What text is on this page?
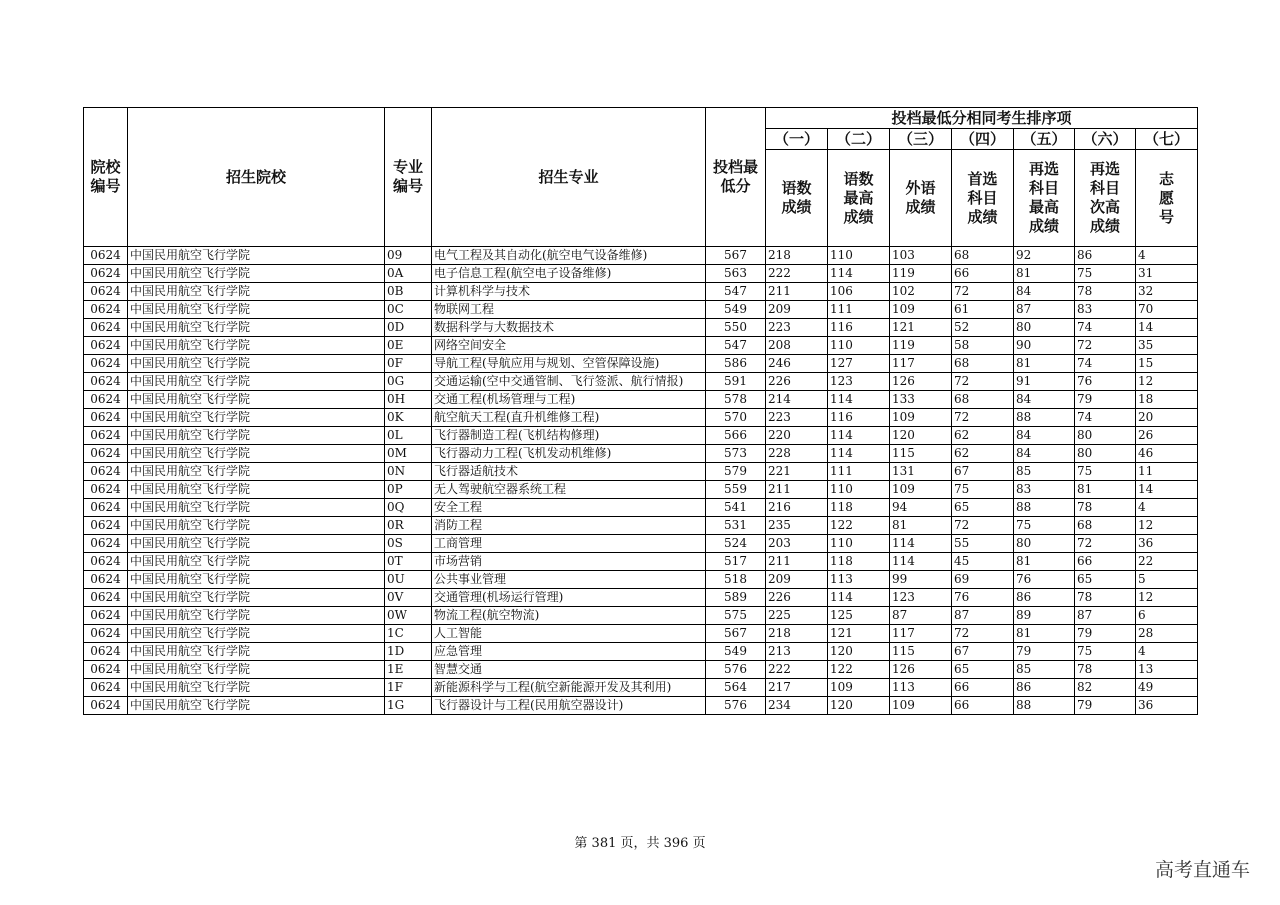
院校编号	招生院校	专业编号	招生专业	投档最低分	投档最低分相同考生排序项						
					（一）	（二）	（三）	（四）	（五）	（六）	（七）
					语数成绩	语数最高成绩	外语成绩	首选科目成绩	再选科目最高成绩	再选科目次高成绩	志愿号
0624	中国民用航空飞行学院	09	电气工程及其自动化(航空电气设备维修)	567	218	110	103	68	92	86	4
0624	中国民用航空飞行学院	0A	电子信息工程(航空电子设备维修)	563	222	114	119	66	81	75	31
0624	中国民用航空飞行学院	0B	计算机科学与技术	547	211	106	102	72	84	78	32
0624	中国民用航空飞行学院	0C	物联网工程	549	209	111	109	61	87	83	70
0624	中国民用航空飞行学院	0D	数据科学与大数据技术	550	223	116	121	52	80	74	14
0624	中国民用航空飞行学院	0E	网络空间安全	547	208	110	119	58	90	72	35
0624	中国民用航空飞行学院	0F	导航工程(导航应用与规划、空管保障设施)	586	246	127	117	68	81	74	15
0624	中国民用航空飞行学院	0G	交通运输(空中交通管制、飞行签派、航行情报)	591	226	123	126	72	91	76	12
0624	中国民用航空飞行学院	0H	交通工程(机场管理与工程)	578	214	114	133	68	84	79	18
0624	中国民用航空飞行学院	0K	航空航天工程(直升机维修工程)	570	223	116	109	72	88	74	20
0624	中国民用航空飞行学院	0L	飞行器制造工程(飞机结构修理)	566	220	114	120	62	84	80	26
0624	中国民用航空飞行学院	0M	飞行器动力工程(飞机发动机维修)	573	228	114	115	62	84	80	46
0624	中国民用航空飞行学院	0N	飞行器适航技术	579	221	111	131	67	85	75	11
0624	中国民用航空飞行学院	0P	无人驾驶航空器系统工程	559	211	110	109	75	83	81	14
0624	中国民用航空飞行学院	0Q	安全工程	541	216	118	94	65	88	78	4
0624	中国民用航空飞行学院	0R	消防工程	531	235	122	81	72	75	68	12
0624	中国民用航空飞行学院	0S	工商管理	524	203	110	114	55	80	72	36
0624	中国民用航空飞行学院	0T	市场营销	517	211	118	114	45	81	66	22
0624	中国民用航空飞行学院	0U	公共事业管理	518	209	113	99	69	76	65	5
0624	中国民用航空飞行学院	0V	交通管理(机场运行管理)	589	226	114	123	76	86	78	12
0624	中国民用航空飞行学院	0W	物流工程(航空物流)	575	225	125	87	87	89	87	6
0624	中国民用航空飞行学院	1C	人工智能	567	218	121	117	72	81	79	28
0624	中国民用航空飞行学院	1D	应急管理	549	213	120	115	67	79	75	4
0624	中国民用航空飞行学院	1E	智慧交通	576	222	122	126	65	85	78	13
0624	中国民用航空飞行学院	1F	新能源科学与工程(航空新能源开发及其利用)	564	217	109	113	66	86	82	49
0624	中国民用航空飞行学院	1G	飞行器设计与工程(民用航空器设计)	576	234	120	109	66	88	79	36
第 381 页，共 396 页
高考直通车
